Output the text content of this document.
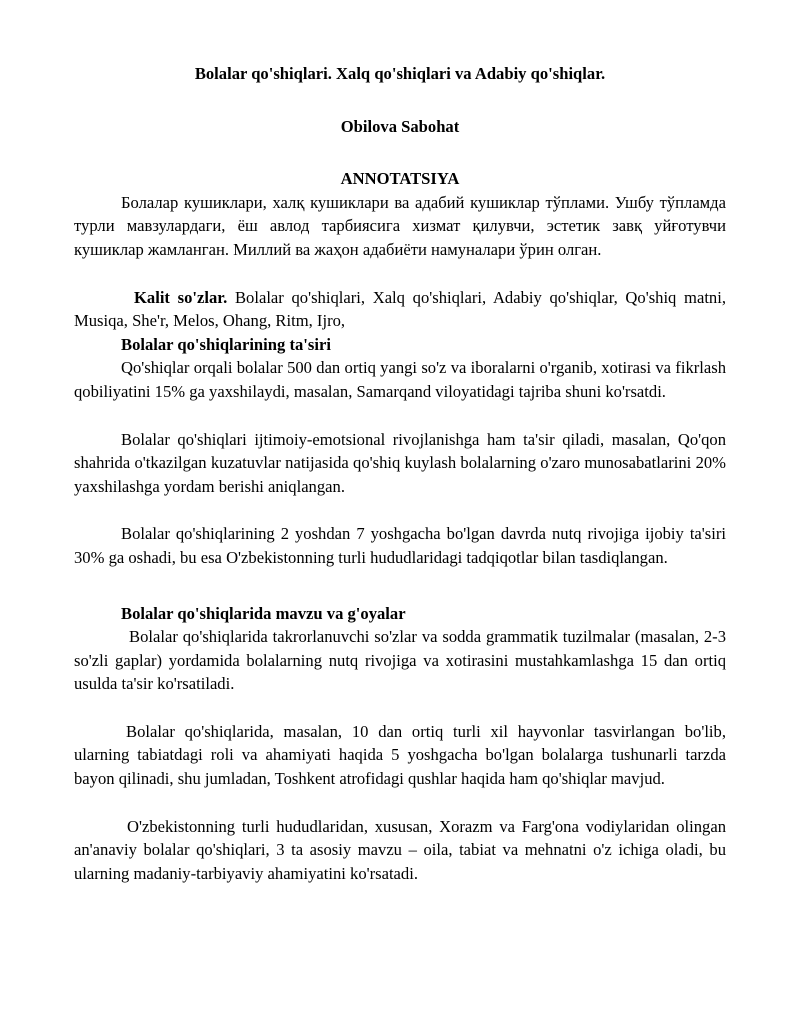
Bolalar qo'shiqlari. Xalq qo'shiqlari va Adabiy qo'shiqlar.
Obilova Sabohat
ANNOTATSIYA

Болалар кушиклари, халқ кушиклари ва адабий кушиклар тўплами. Ушбу тўпламда турли мавзулардаги, ёш авлод тарбиясига хизмат қилувчи, эстетик завқ уйғотувчи кушиклар жамланган. Миллий ва жаҳон адабиёти намуналари ўрин олган.

Kalit so'zlar. Bolalar qo'shiqlari, Xalq qo'shiqlari, Adabiy qo'shiqlar, Qo'shiq matni, Musiqa, She'r, Melos, Ohang, Ritm, Ijro,

Bolalar qo'shiqlarining ta'siri

Qo'shiqlar orqali bolalar 500 dan ortiq yangi so'z va iboralarni o'rganib, xotirasi va fikrlash qobiliyatini 15% ga yaxshilaydi, masalan, Samarqand viloyatidagi tajriba shuni ko'rsatdi.

Bolalar qo'shiqlari ijtimoiy-emotsional rivojlanishga ham ta'sir qiladi, masalan, Qo'qon shahrida o'tkazilgan kuzatuvlar natijasida qo'shiq kuylash bolalarning o'zaro munosabatlarini 20% yaxshilashga yordam berishi aniqlangan.

Bolalar qo'shiqlarining 2 yoshdan 7 yoshgacha bo'lgan davrda nutq rivojiga ijobiy ta'siri 30% ga oshadi, bu esa O'zbekistonning turli hududlaridagi tadqiqotlar bilan tasdiqlangan.

Bolalar qo'shiqlarida mavzu va g'oyalar

Bolalar qo'shiqlarida takrorlanuvchi so'zlar va sodda grammatik tuzilmalar (masalan, 2-3 so'zli gaplar) yordamida bolalarning nutq rivojiga va xotirasini mustahkamlashga 15 dan ortiq usulda ta'sir ko'rsatiladi.

Bolalar qo'shiqlarida, masalan, 10 dan ortiq turli xil hayvonlar tasvirlangan bo'lib, ularning tabiatdagi roli va ahamiyati haqida 5 yoshgacha bo'lgan bolalarga tushunarli tarzda bayon qilinadi, shu jumladan, Toshkent atrofidagi qushlar haqida ham qo'shiqlar mavjud.

O'zbekistonning turli hududlaridan, xususan, Xorazm va Farg'ona vodiylaridan olingan an'anaviy bolalar qo'shiqlari, 3 ta asosiy mavzu – oila, tabiat va mehnatni o'z ichiga oladi, bu ularning madaniy-tarbiyaviy ahamiyatini ko'rsatadi.
